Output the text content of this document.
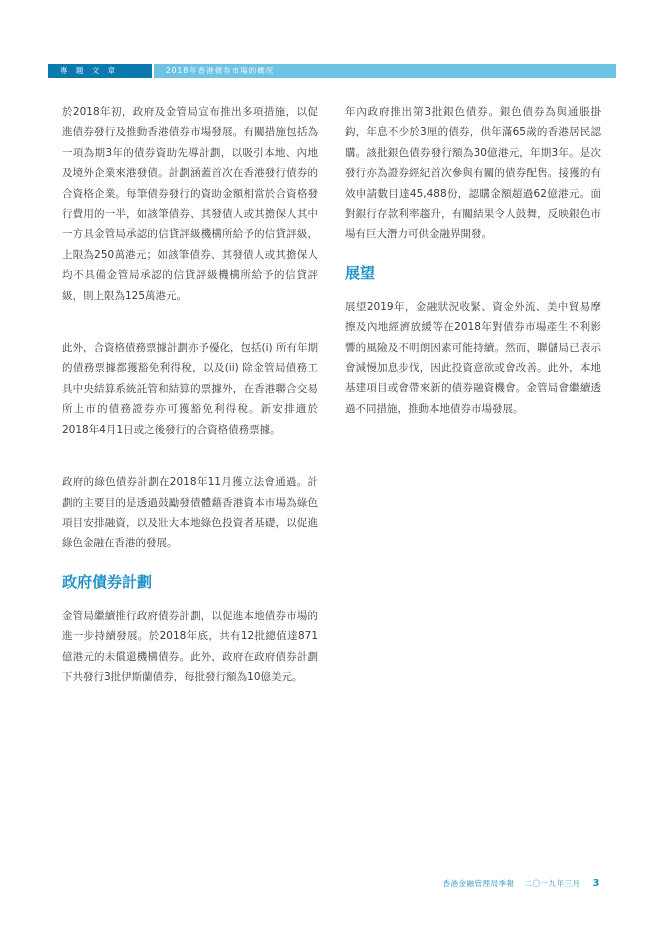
專 題 文 章	2018年香港債券市場的概況

於2018年初，政府及金管局宣布推出多項措施，以促進債券發行及推動香港債券市場發展。有關措施包括為一項為期3年的債券資助先導計劃，以吸引本地、內地及境外企業來港發債。計劃涵蓋首次在香港發行債券的合資格企業。每筆債券發行的資助金額相當於合資格發行費用的一半，如該筆債券、其發債人或其擔保人其中一方具金管局承認的信貸評級機構所給予的信貸評級，上限為250萬港元；如該筆債券、其發債人或其擔保人均不具備金管局承認的信貸評級機構所給予的信貸評級，則上限為125萬港元。

此外，合資格債務票據計劃亦予優化，包括(i) 所有年期的債務票據都獲豁免利得稅，以及(ii) 除金管局債務工具中央結算系統託管和結算的票據外，在香港聯合交易所上市的債務證券亦可獲豁免利得稅。新安排適於2018年4月1日或之後發行的合資格債務票據。

政府的綠色債券計劃在2018年11月獲立法會通過。計劃的主要目的是透過鼓勵發債體藉香港資本市場為綠色項目安排融資，以及壯大本地綠色投資者基礎，以促進綠色金融在香港的發展。

政府債券計劃

金管局繼續推行政府債券計劃，以促進本地債券市場的進一步持續發展。於2018年底，共有12批總值達871億港元的未償還機構債券。此外，政府在政府債券計劃下共發行3批伊斯蘭債券，每批發行額為10億美元。

年內政府推出第3批銀色債券。銀色債券為與通脹掛鈎，年息不少於3厘的債券，供年滿65歲的香港居民認購。該批銀色債券發行額為30億港元，年期3年。是次發行亦為證券經紀首次參與有關的債券配售。接獲的有效申請數目達45,488份，認購金額超過62億港元。面對銀行存款利率趨升，有關結果令人鼓舞，反映銀色市場有巨大潛力可供金融界開發。

展望

展望2019年，金融狀況收緊、資金外流、美中貿易摩擦及內地經濟放緩等在2018年對債券市場產生不利影響的風險及不明朗因素可能持續。然而，聯儲局已表示會減慢加息步伐，因此投資意欲或會改善。此外，本地基建項目或會帶來新的債券融資機會。金管局會繼續透過不同措施，推動本地債券市場發展。

香港金融管理局季報 二〇一九年三月 3
